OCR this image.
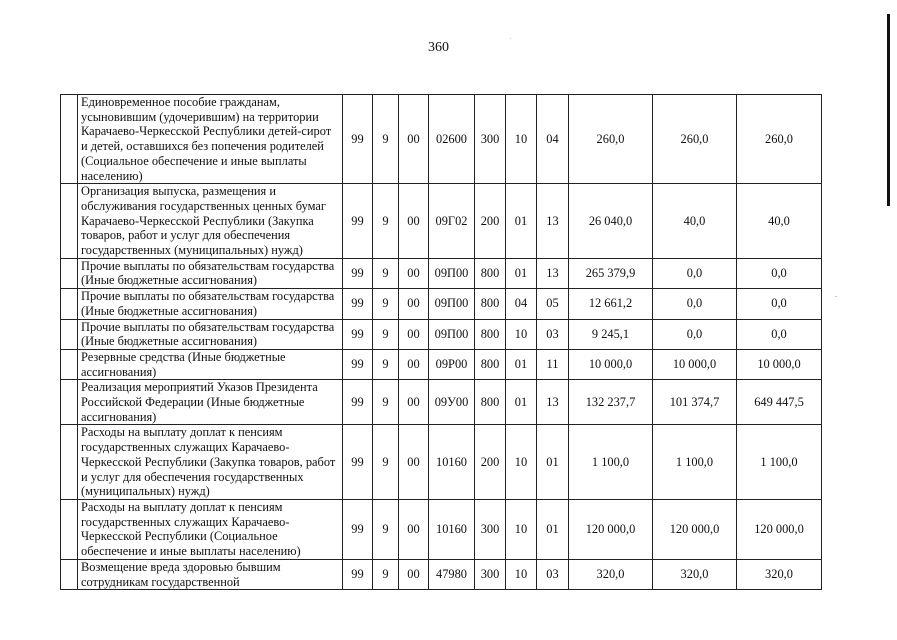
360
	Единовременное пособие гражданам, усыновившим (удочерившим) на территории Карачаево-Черкесской Республики детей-сирот и детей, оставшихся без попечения родителей (Социальное обеспечение и иные выплаты населению)	99	9	00	02600	300	10	04	260,0	260,0	260,0
	Организация выпуска, размещения и обслуживания государственных ценных бумаг Карачаево-Черкесской Республики (Закупка товаров, работ и услуг для обеспечения государственных (муниципальных) нужд)	99	9	00	09Г02	200	01	13	26 040,0	40,0	40,0
	Прочие выплаты по обязательствам государства (Иные бюджетные ассигнования)	99	9	00	09П00	800	01	13	265 379,9	0,0	0,0
	Прочие выплаты по обязательствам государства (Иные бюджетные ассигнования)	99	9	00	09П00	800	04	05	12 661,2	0,0	0,0
	Прочие выплаты по обязательствам государства (Иные бюджетные ассигнования)	99	9	00	09П00	800	10	03	9 245,1	0,0	0,0
	Резервные средства (Иные бюджетные ассигнования)	99	9	00	09Р00	800	01	11	10 000,0	10 000,0	10 000,0
	Реализация мероприятий Указов Президента Российской Федерации (Иные бюджетные ассигнования)	99	9	00	09У00	800	01	13	132 237,7	101 374,7	649 447,5
	Расходы на выплату доплат к пенсиям государственных служащих Карачаево-Черкесской Республики (Закупка товаров, работ и услуг для обеспечения государственных (муниципальных) нужд)	99	9	00	10160	200	10	01	1 100,0	1 100,0	1 100,0
	Расходы на выплату доплат к пенсиям государственных служащих Карачаево-Черкесской Республики (Социальное обеспечение и иные выплаты населению)	99	9	00	10160	300	10	01	120 000,0	120 000,0	120 000,0
	Возмещение вреда здоровью бывшим сотрудникам государственной	99	9	00	47980	300	10	03	320,0	320,0	320,0
